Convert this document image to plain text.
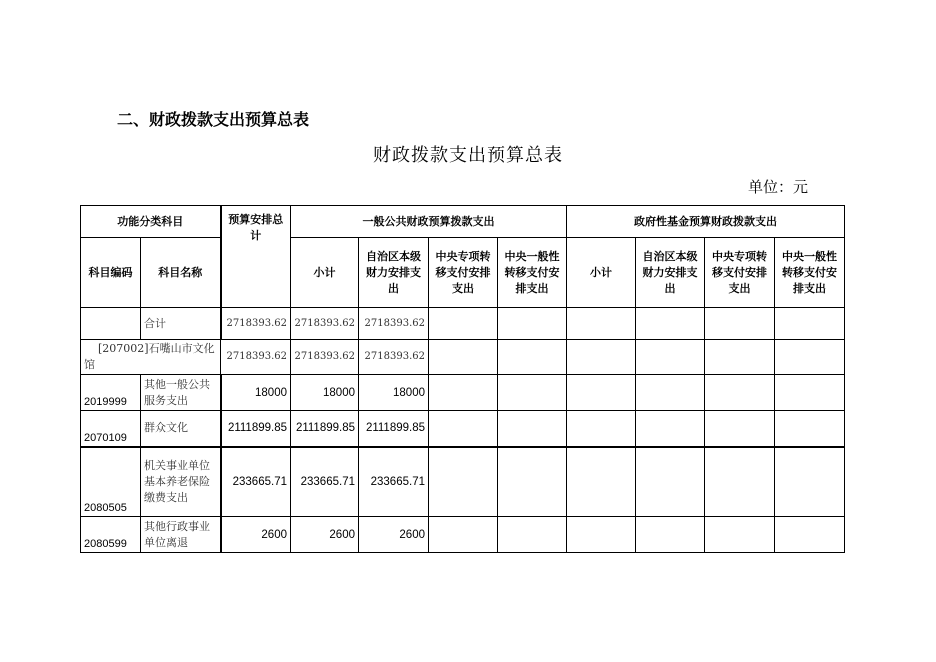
二、财政拨款支出预算总表
财政拨款支出预算总表
单位：元
功能分类科目		预算安排总计	一般公共财政预算拨款支出				政府性基金预算财政拨款支出			
科目编码	科目名称		小计	自治区本级财力安排支出	中央专项转移支付安排支出	中央一般性转移支付安排支出	小计	自治区本级财力安排支出	中央专项转移支付安排支出	中央一般性转移支付安排支出
	合计	2718393.62	2718393.62	2718393.62						
[207002]石嘴山市文化馆		2718393.62	2718393.62	2718393.62						
2019999	其他一般公共服务支出	18000	18000	18000						
2070109	群众文化	2111899.85	2111899.85	2111899.85						
2080505	机关事业单位基本养老保险缴费支出	233665.71	233665.71	233665.71						
2080599	其他行政事业单位离退	2600	2600	2600						
